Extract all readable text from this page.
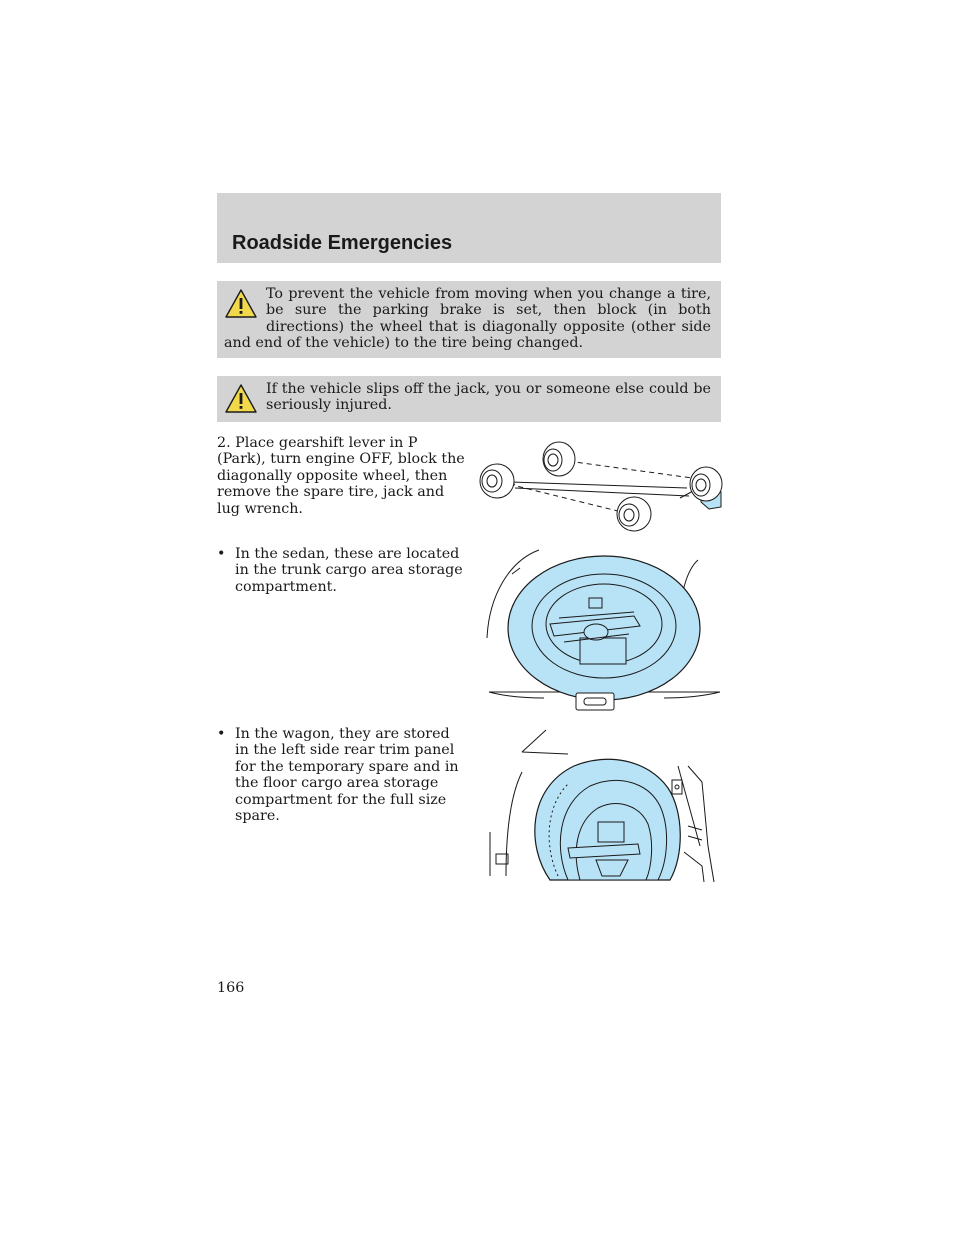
Roadside Emergencies
To prevent the vehicle from moving when you change a tire, be sure the parking brake is set, then block (in both directions) the wheel that is diagonally opposite (other side and end of the vehicle) to the tire being changed.
If the vehicle slips off the jack, you or someone else could be seriously injured.

2. Place gearshift lever in P (Park), turn engine OFF, block the diagonally opposite wheel, then remove the spare tire, jack and lug wrench.

• In the sedan, these are located in the trunk cargo area storage compartment.
• In the wagon, they are stored in the left side rear trim panel for the temporary spare and in the floor cargo area storage compartment for the full size spare.
166
